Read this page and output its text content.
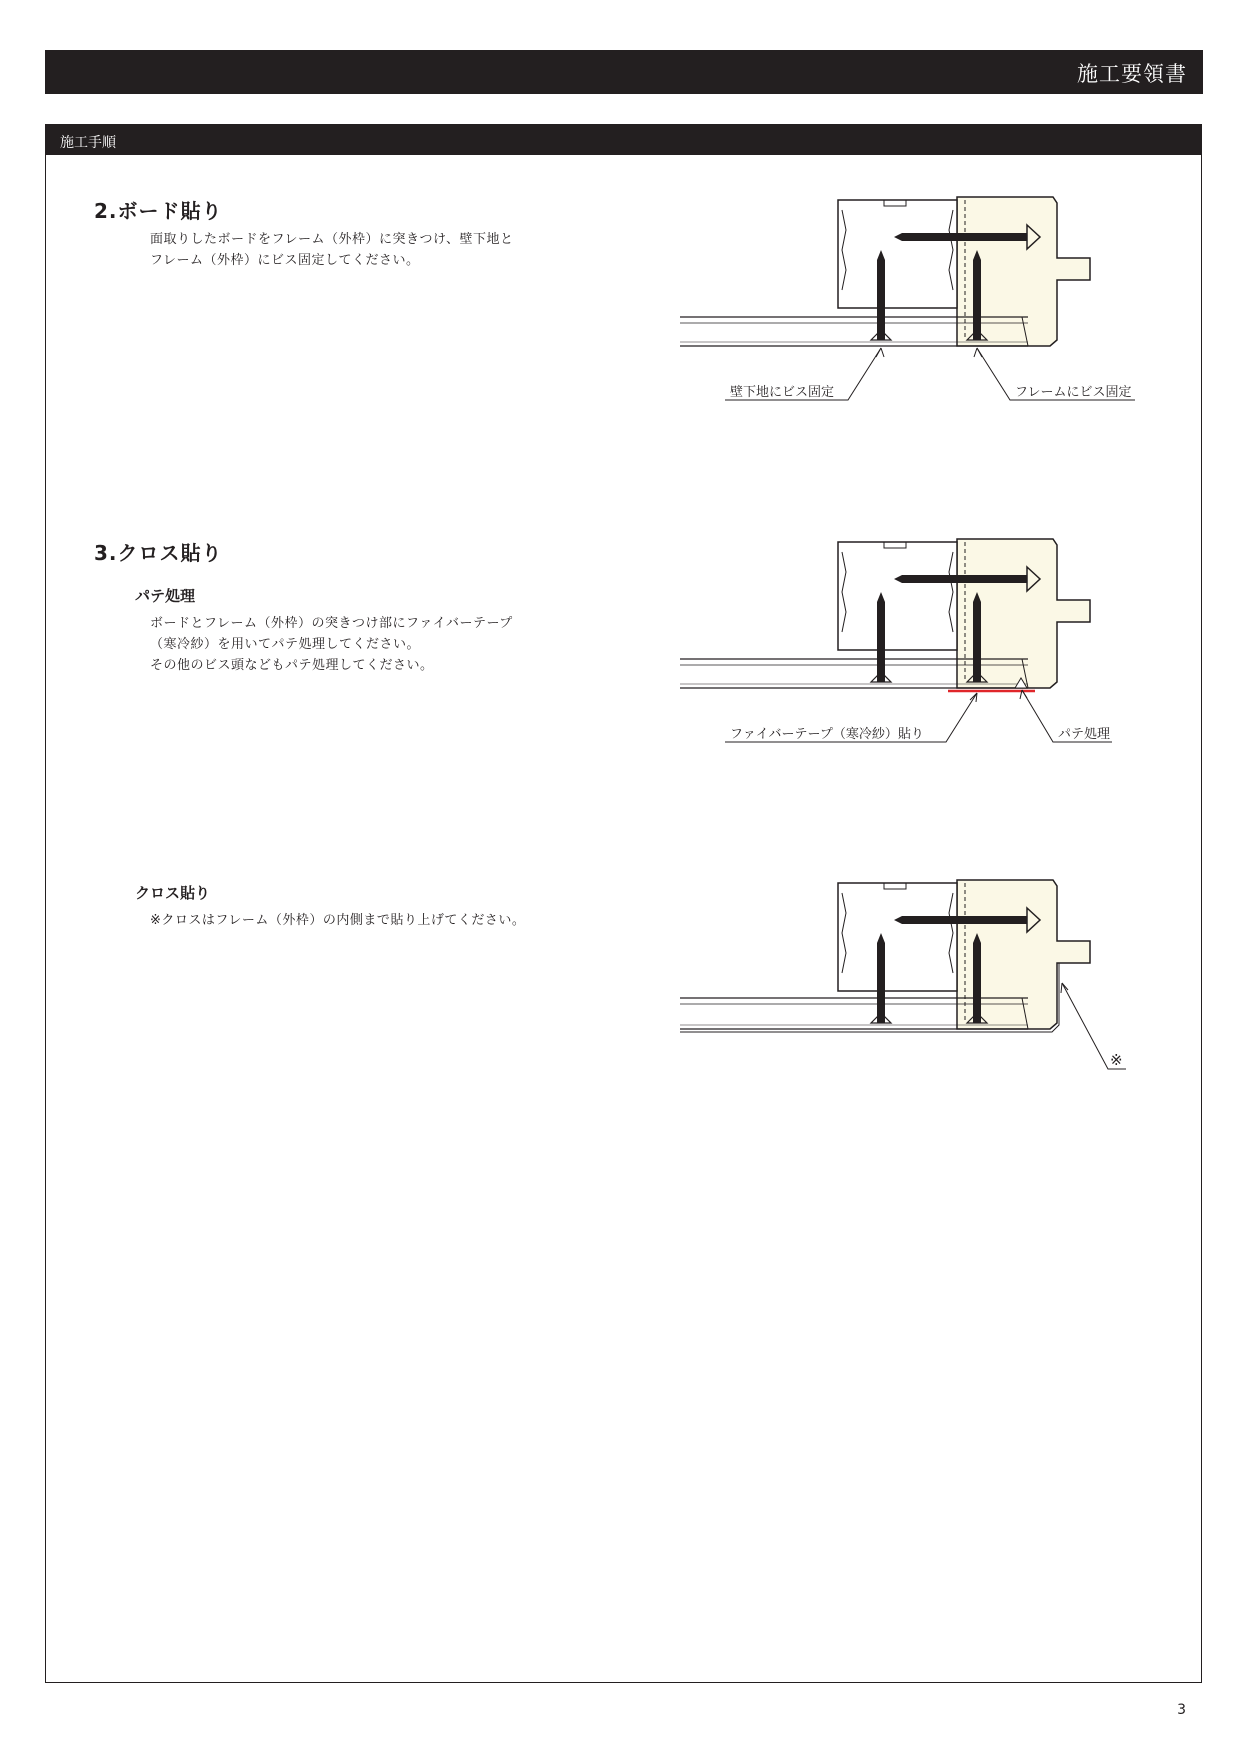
施工要領書
施工手順
2.ボード貼り
面取りしたボードをフレーム（外枠）に突きつけ、壁下地と
フレーム（外枠）にビス固定してください。
3.クロス貼り
パテ処理
ボードとフレーム（外枠）の突きつけ部にファイバーテープ
（寒冷紗）を用いてパテ処理してください。
その他のビス頭などもパテ処理してください。
クロス貼り
※クロスはフレーム（外枠）の内側まで貼り上げてください。
壁下地にビス固定	フレームにビス固定
ファイバーテープ（寒冷紗）貼り	パテ処理
※
3
